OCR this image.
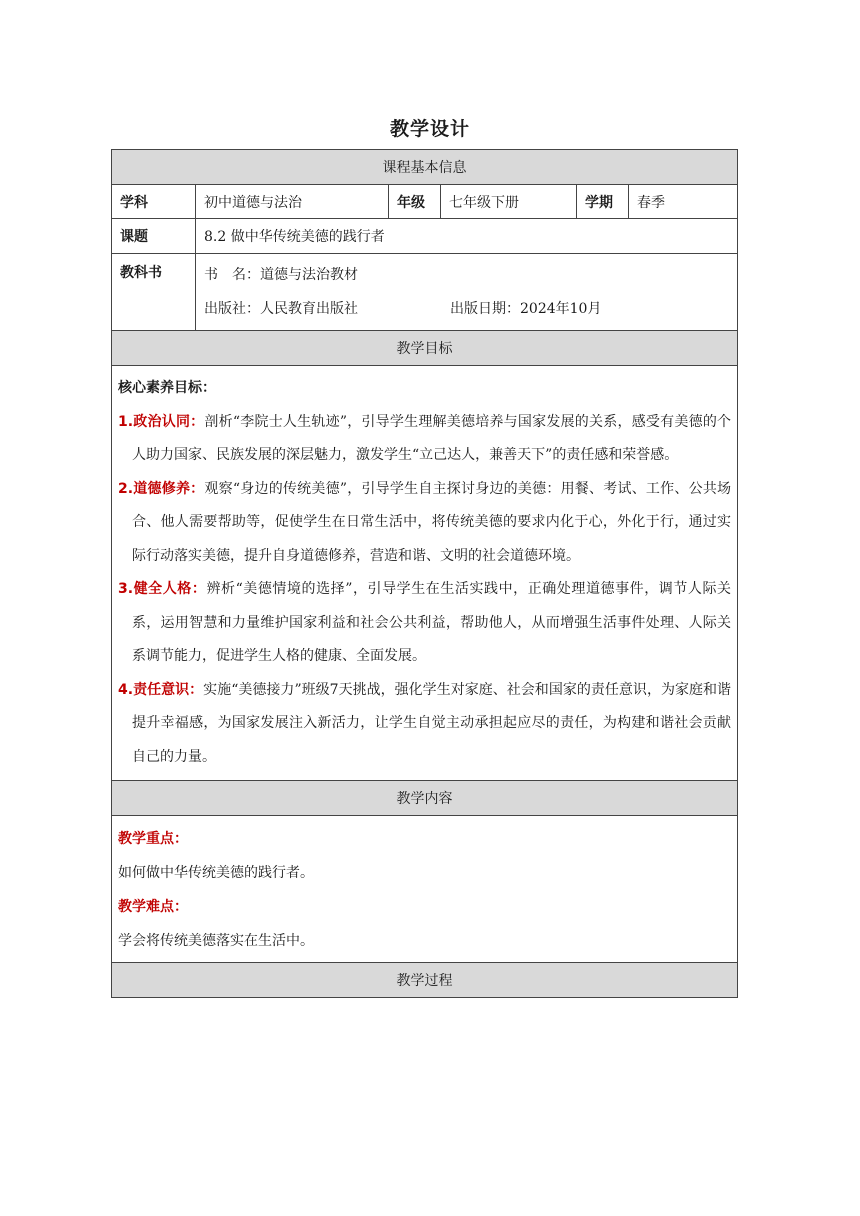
教学设计
课程基本信息					
学科	初中道德与法治	年级	七年级下册	学期	春季
课题	8.2 做中华传统美德的践行者				
教科书	书　名：道德与法治教材
出版社：人民教育出版社 出版日期：2024年10月				

教学目标					

核心素养目标：
1.政治认同：剖析“李院士人生轨迹”，引导学生理解美德培养与国家发展的关系，感受有美德的个人助力国家、民族发展的深层魅力，激发学生“立己达人，兼善天下”的责任感和荣誉感。
2.道德修养：观察“身边的传统美德”，引导学生自主探讨身边的美德：用餐、考试、工作、公共场合、他人需要帮助等，促使学生在日常生活中，将传统美德的要求内化于心，外化于行，通过实际行动落实美德，提升自身道德修养，营造和谐、文明的社会道德环境。
3.健全人格：辨析“美德情境的选择”，引导学生在生活实践中，正确处理道德事件，调节人际关系，运用智慧和力量维护国家利益和社会公共利益，帮助他人，从而增强生活事件处理、人际关系调节能力，促进学生人格的健康、全面发展。
4.责任意识：实施“美德接力”班级7天挑战，强化学生对家庭、社会和国家的责任意识，为家庭和谐提升幸福感，为国家发展注入新活力，让学生自觉主动承担起应尽的责任，为构建和谐社会贡献自己的力量。					

教学内容					

教学重点：
如何做中华传统美德的践行者。
教学难点：
学会将传统美德落实在生活中。					

教学过程					
